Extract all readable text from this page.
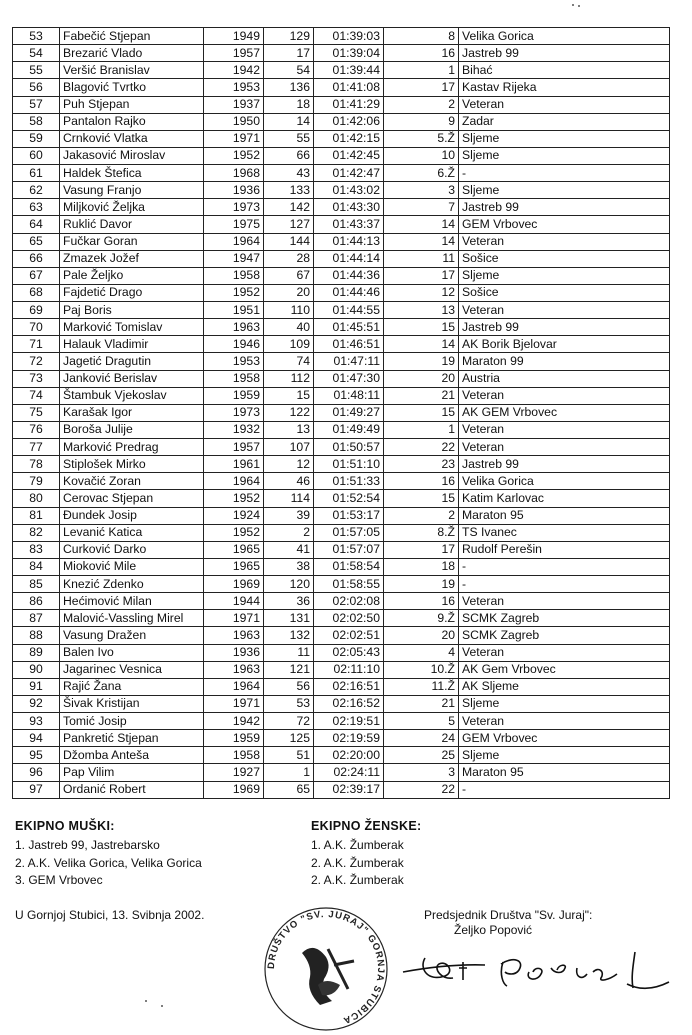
53	Fabečić Stjepan	1949	129	01:39:03	8	Velika Gorica
54	Brezarić Vlado	1957	17	01:39:04	16	Jastreb 99
55	Veršić Branislav	1942	54	01:39:44	1	Bihać
56	Blagović Tvrtko	1953	136	01:41:08	17	Kastav Rijeka
57	Puh Stjepan	1937	18	01:41:29	2	Veteran
58	Pantalon Rajko	1950	14	01:42:06	9	Zadar
59	Crnković Vlatka	1971	55	01:42:15	5.Ž	Sljeme
60	Jakasović Miroslav	1952	66	01:42:45	10	Sljeme
61	Haldek Štefica	1968	43	01:42:47	6.Ž	-
62	Vasung Franjo	1936	133	01:43:02	3	Sljeme
63	Miljković Željka	1973	142	01:43:30	7	Jastreb 99
64	Ruklić Davor	1975	127	01:43:37	14	GEM Vrbovec
65	Fučkar Goran	1964	144	01:44:13	14	Veteran
66	Zmazek Jožef	1947	28	01:44:14	11	Sošice
67	Pale Željko	1958	67	01:44:36	17	Sljeme
68	Fajdetić Drago	1952	20	01:44:46	12	Sošice
69	Paj Boris	1951	110	01:44:55	13	Veteran
70	Marković Tomislav	1963	40	01:45:51	15	Jastreb 99
71	Halauk Vladimir	1946	109	01:46:51	14	AK Borik Bjelovar
72	Jagetić Dragutin	1953	74	01:47:11	19	Maraton 99
73	Janković Berislav	1958	112	01:47:30	20	Austria
74	Štambuk Vjekoslav	1959	15	01:48:11	21	Veteran
75	Karašak Igor	1973	122	01:49:27	15	AK GEM Vrbovec
76	Boroša Julije	1932	13	01:49:49	1	Veteran
77	Marković Predrag	1957	107	01:50:57	22	Veteran
78	Stiplošek Mirko	1961	12	01:51:10	23	Jastreb 99
79	Kovačić Zoran	1964	46	01:51:33	16	Velika Gorica
80	Cerovac Stjepan	1952	114	01:52:54	15	Katim Karlovac
81	Đundek Josip	1924	39	01:53:17	2	Maraton 95
82	Levanić Katica	1952	2	01:57:05	8.Ž	TS Ivanec
83	Curković Darko	1965	41	01:57:07	17	Rudolf Perešin
84	Mioković Mile	1965	38	01:58:54	18	-
85	Knezić Zdenko	1969	120	01:58:55	19	-
86	Hećimović Milan	1944	36	02:02:08	16	Veteran
87	Malović-Vassling Mirel	1971	131	02:02:50	9.Ž	SCMK Zagreb
88	Vasung Dražen	1963	132	02:02:51	20	SCMK Zagreb
89	Balen Ivo	1936	11	02:05:43	4	Veteran
90	Jagarinec Vesnica	1963	121	02:11:10	10.Ž	AK Gem Vrbovec
91	Rajić Žana	1964	56	02:16:51	11.Ž	AK Sljeme
92	Šivak Kristijan	1971	53	02:16:52	21	Sljeme
93	Tomić Josip	1942	72	02:19:51	5	Veteran
94	Pankretić Stjepan	1959	125	02:19:59	24	GEM Vrbovec
95	Džomba Anteša	1958	51	02:20:00	25	Sljeme
96	Pap Vilim	1927	1	02:24:11	3	Maraton 95
97	Ordanić Robert	1969	65	02:39:17	22	-
EKIPNO MUŠKI:
1. Jastreb 99, Jastrebarsko
2. A.K. Velika Gorica, Velika Gorica
3. GEM Vrbovec
EKIPNO ŽENSKE:
1. A.K. Žumberak
2. A.K. Žumberak
2. A.K. Žumberak
U Gornjoj Stubici, 13. Svibnja 2002.	Predsjednik Društva "Sv. Juraj":
Željko Popović
DRUŠTVO "SV. JURAJ" GORNJA STUBICA
